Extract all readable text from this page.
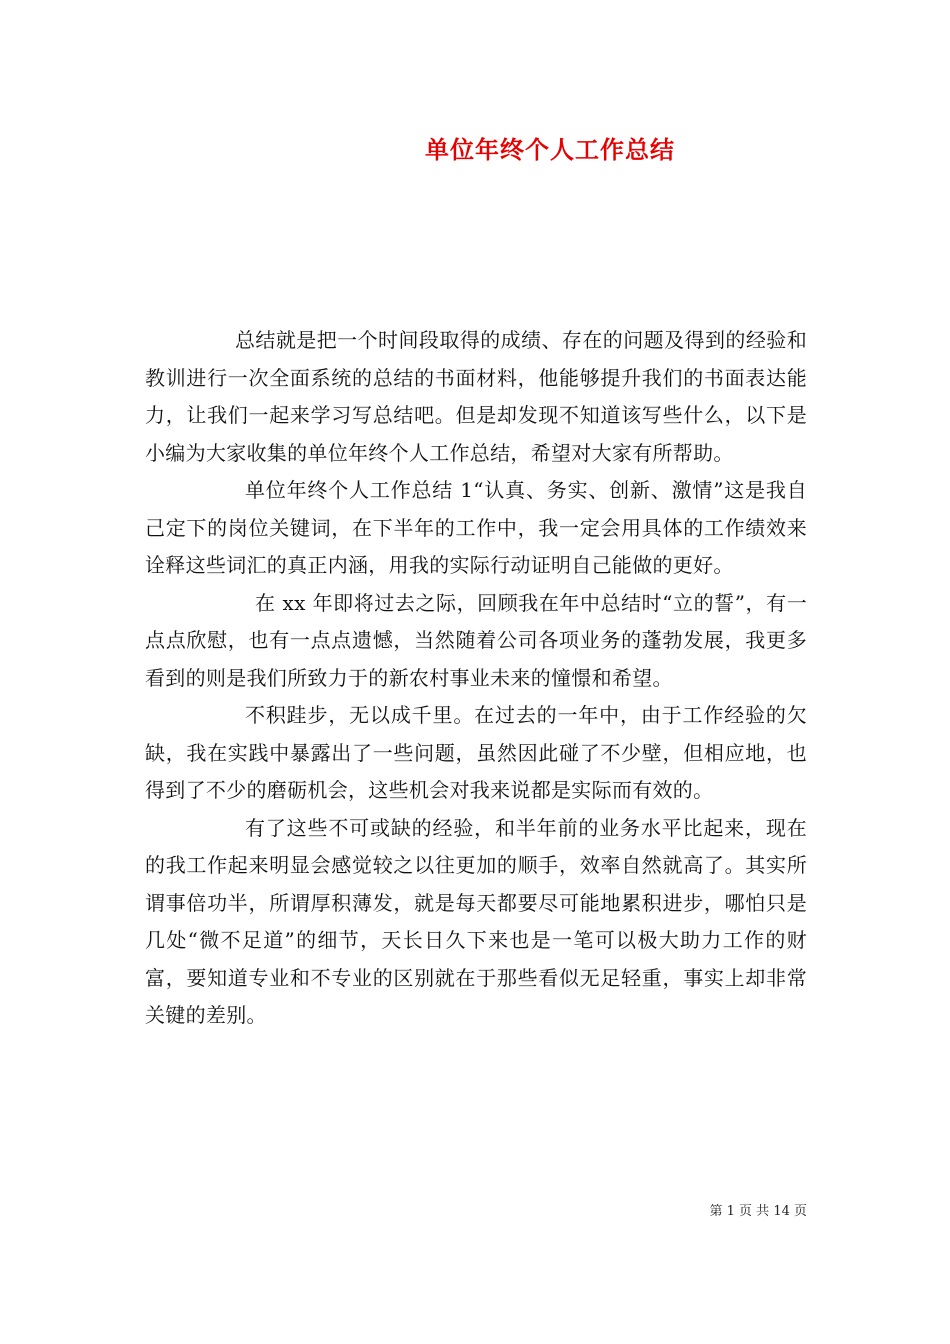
单位年终个人工作总结

总结就是把一个时间段取得的成绩、存在的问题及得到的经验和教训进行一次全面系统的总结的书面材料，他能够提升我们的书面表达能力，让我们一起来学习写总结吧。但是却发现不知道该写些什么，以下是小编为大家收集的单位年终个人工作总结，希望对大家有所帮助。

单位年终个人工作总结 1“认真、务实、创新、激情”这是我自己定下的岗位关键词，在下半年的工作中，我一定会用具体的工作绩效来诠释这些词汇的真正内涵，用我的实际行动证明自己能做的更好。

在 xx 年即将过去之际，回顾我在年中总结时“立的誓”，有一点点欣慰，也有一点点遗憾，当然随着公司各项业务的蓬勃发展，我更多看到的则是我们所致力于的新农村事业未来的憧憬和希望。

不积跬步，无以成千里。在过去的一年中，由于工作经验的欠缺，我在实践中暴露出了一些问题，虽然因此碰了不少壁，但相应地，也得到了不少的磨砺机会，这些机会对我来说都是实际而有效的。

有了这些不可或缺的经验，和半年前的业务水平比起来，现在的我工作起来明显会感觉较之以往更加的顺手，效率自然就高了。其实所谓事倍功半，所谓厚积薄发，就是每天都要尽可能地累积进步，哪怕只是几处“微不足道”的细节，天长日久下来也是一笔可以极大助力工作的财富，要知道专业和不专业的区别就在于那些看似无足轻重，事实上却非常关键的差别。

第 1 页 共 14 页
